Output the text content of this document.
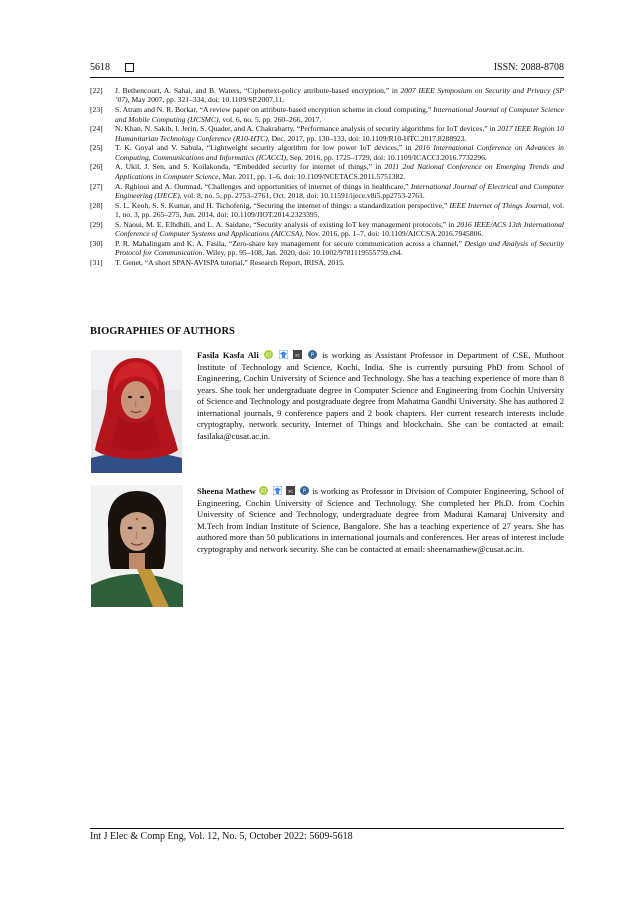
5618	ISSN: 2088-8708
[22]	J. Bethencourt, A. Sahai, and B. Waters, “Ciphertext-policy attribute-based encryption,” in 2007 IEEE Symposium on Security and Privacy (SP ’07), May 2007, pp. 321–334, doi: 10.1109/SP.2007.11.
[23]	S. Atram and N. R. Borkar, “A review paper on attribute-based encryption scheme in cloud computing,” International Journal of Computer Science and Mobile Computing (IJCSMC), vol. 6, no. 5, pp. 260–266, 2017.
[24]	N. Khan, N. Sakib, I. Jerin, S. Quader, and A. Chakrabarty, “Performance analysis of security algorithms for IoT devices,” in 2017 IEEE Region 10 Humanitarian Technology Conference (R10-HTC), Dec. 2017, pp. 130–133, doi: 10.1109/R10-HTC.2017.8288923.
[25]	T. K. Goyal and V. Sahula, “Lightweight security algorithm for low power IoT devices,” in 2016 International Conference on Advances in Computing, Communications and Informatics (ICACCI), Sep. 2016, pp. 1725–1729, doi: 10.1109/ICACCI.2016.7732296.
[26]	A. Ukil, J. Sen, and S. Koilakonda, “Embedded security for internet of things,” in 2011 2nd National Conference on Emerging Trends and Applications in Computer Science, Mar. 2011, pp. 1–6, doi: 10.1109/NCETACS.2011.5751382.
[27]	A. Rghioui and A. Oumnad, “Challenges and opportunities of internet of things in healthcare,” International Journal of Electrical and Computer Engineering (IJECE), vol. 8, no. 5, pp. 2753–2761, Oct. 2018, doi: 10.11591/ijece.v8i5.pp2753-2761.
[28]	S. L. Keoh, S. S. Kumar, and H. Tschofenig, “Securing the internet of things: a standardization perspective,” IEEE Internet of Things Journal, vol. 1, no. 3, pp. 265–275, Jun. 2014, doi: 10.1109/JIOT.2014.2323395.
[29]	S. Naoui, M. E. Elhdhili, and L. A. Saidane, “Security analysis of existing IoT key management protocols,” in 2016 IEEE/ACS 13th International Conference of Computer Systems and Applications (AICCSA), Nov. 2016, pp. 1–7, doi: 10.1109/AICCSA.2016.7945806.
[30]	P. R. Mahalingam and K. A. Fasila, “Zero-share key management for secure communication across a channel,” Design and Analysis of Security Protocol for Communication. Wiley, pp. 95–108, Jan. 2020, doi: 10.1002/9781119555759.ch4.
[31]	T. Genet, “A short SPAN-AVISPA tutorial,” Research Report, IRISA, 2015.
BIOGRAPHIES OF AUTHORS
Fasila Kasfa Ali iD
	sc
P is working as Assistant Professor in Department of CSE, Muthoot Institute of Technology and Science, Kochi, India. She is currently pursuing PhD from School of Engineering, Cochin University of Science and Technology. She has a teaching experience of more than 8 years. She took her undergraduate degree in Computer Science and Engineering from Cochin University of Science and Technology and postgraduate degree from Mahatma Gandhi University. She has authored 2 international journals, 9 conference papers and 2 book chapters. Her current research interests include cryptography, network security, Internet of Things and blockchain. She can be contacted at email: fasilaka@cusat.ac.in.
Sheena Mathew iD
	sc
P is working as Professor in Division of Computer Engineering, School of Engineering, Cochin University of Science and Technology. She completed her Ph.D. from Cochin University of Science and Technology, undergraduate degree from Madurai Kamaraj University and M.Tech from Indian Institute of Science, Bangalore. She has a teaching experience of 27 years. She has authored more than 50 publications in international journals and conferences. Her areas of interest include cryptography and network security. She can be contacted at email: sheenamathew@cusat.ac.in.
Int J Elec & Comp Eng, Vol. 12, No. 5, October 2022: 5609-5618
